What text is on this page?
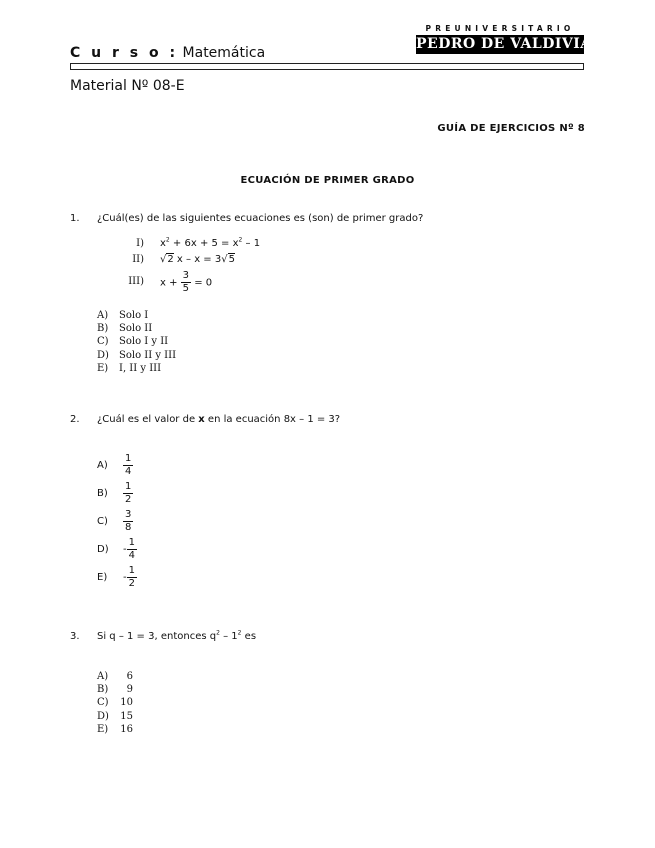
C u r s o : Matemática
PREUNIVERSITARIO
PEDRO DE VALDIVIA
Material Nº 08-E
GUÍA DE EJERCICIOS Nº 8
ECUACIÓN DE PRIMER GRADO
1. ¿Cuál(es) de las siguientes ecuaciones es (son) de primer grado?
I) $x^2 + 6x + 5 = x^2 - 1$
II) √2 x – x = 3√5
III) $x + \frac{3}{5} = 0$
A) Solo I
B) Solo II
C) Solo I y II
D) Solo II y III
E) I, II y III
2. ¿Cuál es el valor de x en la ecuación 8x – 1 = 3?
$A) \frac{1}{4}$
$B) \frac{1}{2}$
$C) \frac{3}{8}$
$D) - \frac{1}{4}$
$E) - \frac{1}{2}$
3. Si q – 1 = 3, entonces $q^2 - 1^2$ es
A) 6
B) 9
C) 10
D) 15
E) 16
